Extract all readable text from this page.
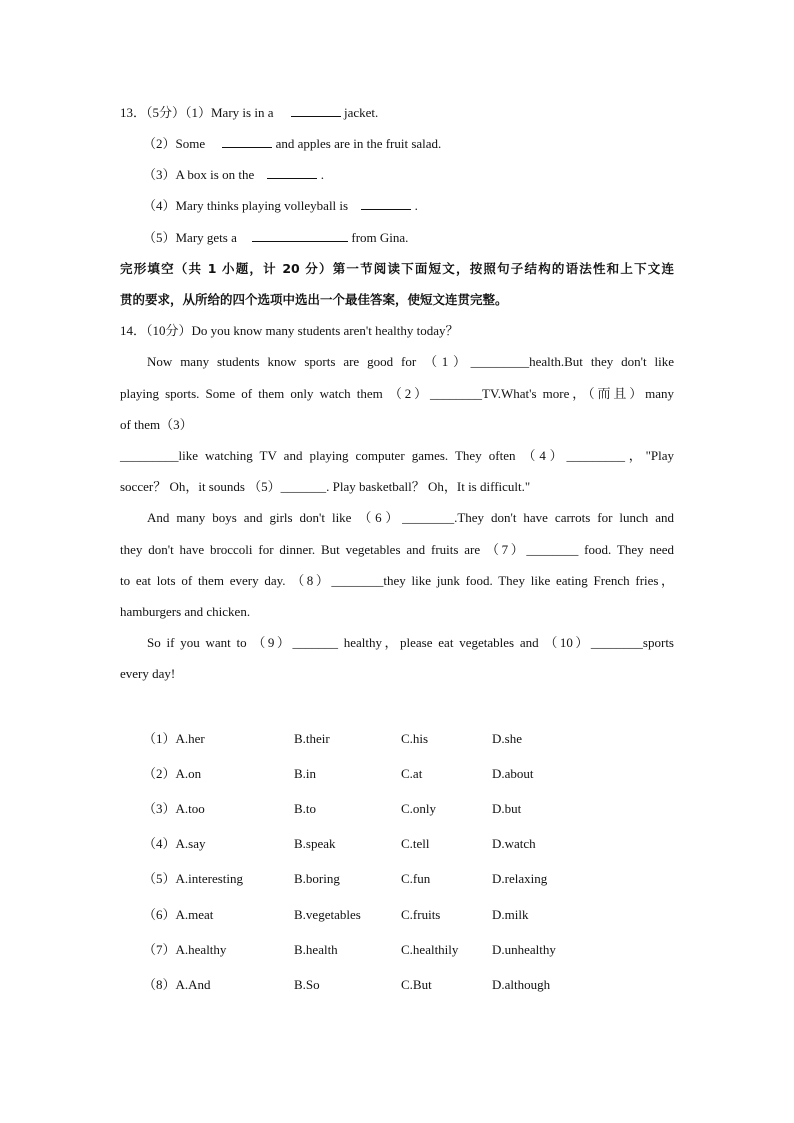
13．（5分）（1）Mary is in a	jacket.
（2）Some	and apples are in the fruit salad.
（3）A box is on the	.
（4）Mary thinks playing volleyball is	.
（5）Mary gets a	from Gina.
完形填空（共 1 小题，计 20 分）第一节阅读下面短文，按照句子结构的语法性和上下文连
贯的要求，从所给的四个选项中选出一个最佳答案，使短文连贯完整。
14．（10分）Do you know many students aren't healthy today？
Now many students know sports are good for （1）_________health.But they don't like
playing sports. Some of them only watch them （2）________TV.What's more，（而且）many
of them（3）
_________like watching TV and playing computer games. They often （4）_________，"Play
soccer？ Oh，it sounds （5）_______. Play basketball？ Oh，It is difficult."
And many boys and girls don't like （6）________.They don't have carrots for lunch and
they don't have broccoli for dinner. But vegetables and fruits are （7）________ food. They need
to eat lots of them every day. （8）________they like junk food. They like eating French fries，
hamburgers and chicken.
So if you want to （9）_______ healthy，please eat vegetables and （10）________sports
every day!
（1）A.her	B.their	C.his	D.she
（2）A.on	B.in	C.at	D.about
（3）A.too	B.to	C.only	D.but
（4）A.say	B.speak	C.tell	D.watch
（5）A.interesting	B.boring	C.fun	D.relaxing
（6）A.meat	B.vegetables	C.fruits	D.milk
（7）A.healthy	B.health	C.healthily	D.unhealthy
（8）A.And	B.So	C.But	D.although
